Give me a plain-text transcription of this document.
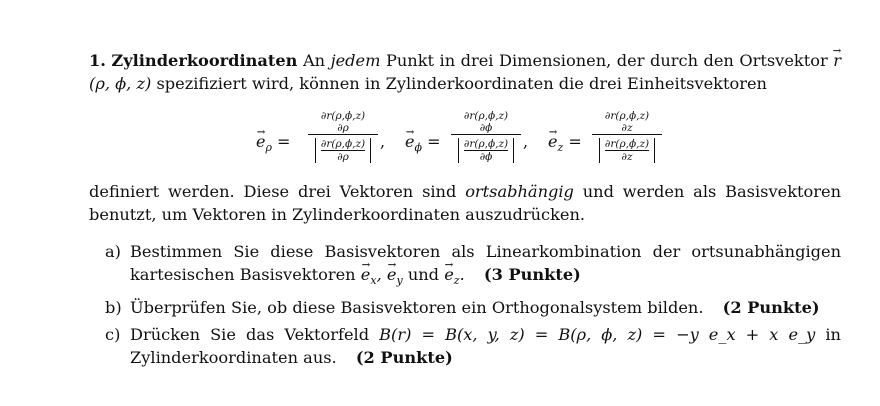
1. Zylinderkoordinaten An jedem Punkt in drei Dimensionen, der durch den Ortsvektor r →(ρ, ϕ, z) spezifiziert wird, können in Zylinderkoordinaten die drei Einheitsvektoren
$e \to_\rho$ =
∂r(ρ,ϕ,z)
∂ρ
$\frac{\partial r(\rho,\phi,z)}{\partial\rho}$ , $e \to_\phi$ =
∂r(ρ,ϕ,z)
∂ϕ
$\frac{\partial r(\rho,\phi,z)}{\partial\phi}$ , $e \to_z$ =
∂r(ρ,ϕ,z)
∂z
$\frac{\partial r(\rho,\phi,z)}{\partial z}$
definiert werden. Diese drei Vektoren sind ortsabhängig und werden als Basisvektoren benutzt, um Vektoren in Zylinderkoordinaten auszudrücken.
a) Bestimmen Sie diese Basisvektoren als Linearkombination der ortsunabhängigen kartesischen Basisvektoren $e \to_x$, $e \to_y$ und $e \to_z$. (3 Punkte)
b) Überprüfen Sie, ob diese Basisvektoren ein Orthogonalsystem bilden. (2 Punkte)
c) Drücken Sie das Vektorfeld B(r) = B(x, y, z) = B(ρ, ϕ, z) = −y e_x + x e_y in Zylinderkoordinaten aus. (2 Punkte)
